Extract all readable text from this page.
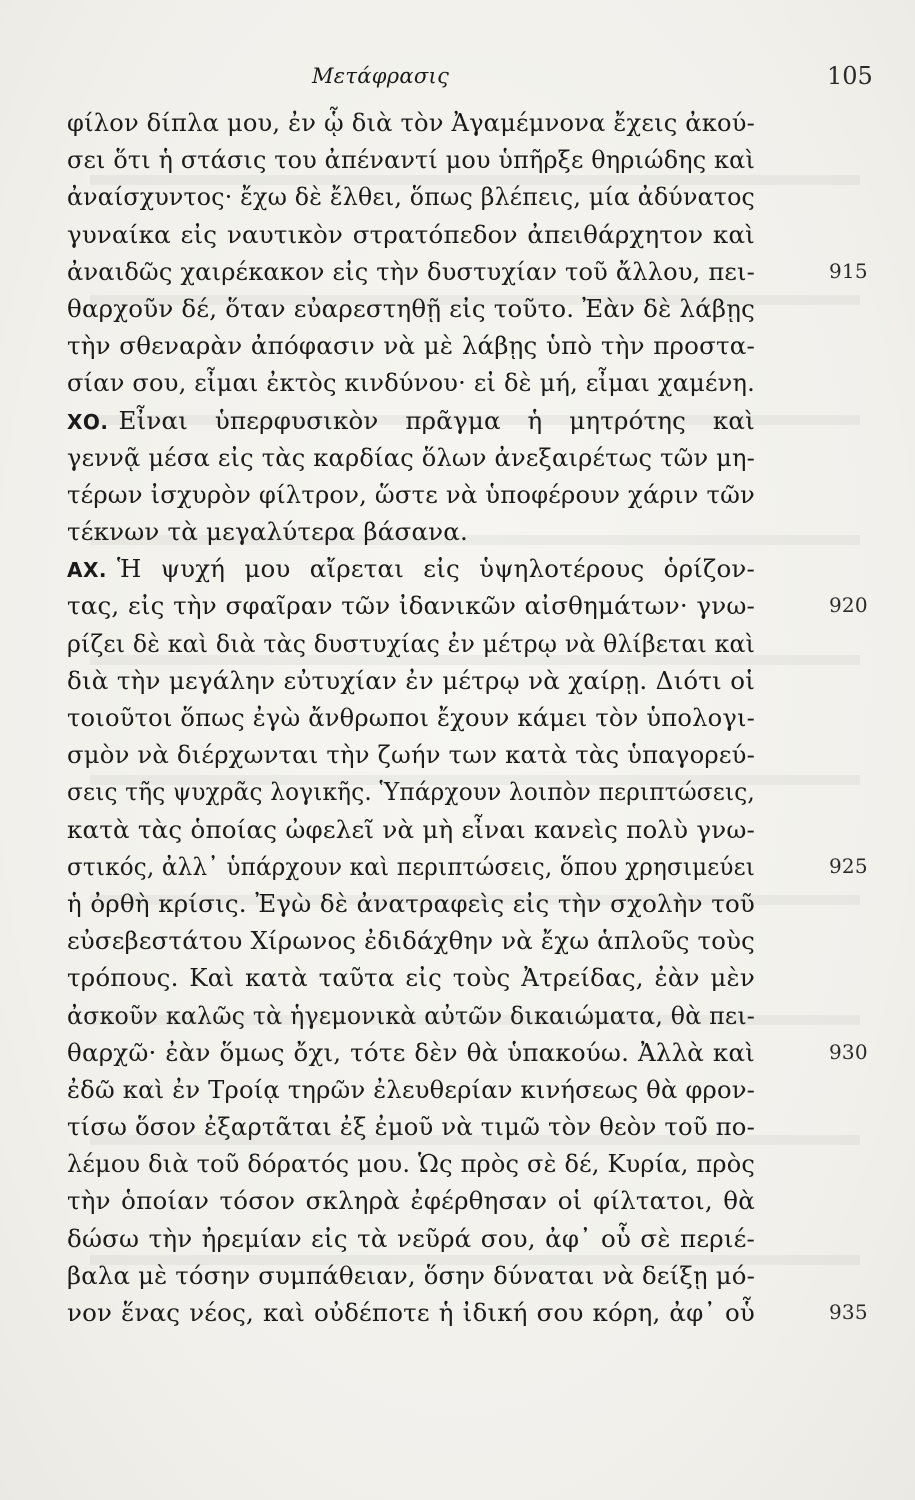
Μετάφρασις	105
φίλον δίπλα μου, ἐν ᾧ διὰ τὸν Ἀγαμέμνονα ἔχεις ἀκού-
σει ὅτι ἡ στάσις του ἀπέναντί μου ὑπῆρξε θηριώδης καὶ
ἀναίσχυντος· ἔχω δὲ ἔλθει, ὅπως βλέπεις, μία ἀδύνατος
γυναίκα εἰς ναυτικὸν στρατόπεδον ἀπειθάρχητον καὶ
ἀναιδῶς χαιρέκακον εἰς τὴν δυστυχίαν τοῦ ἄλλου, πει-	915
θαρχοῦν δέ, ὅταν εὐαρεστηθῇ εἰς τοῦτο. Ἐὰν δὲ λάβῃς
τὴν σθεναρὰν ἀπόφασιν νὰ μὲ λάβῃς ὑπὸ τὴν προστα-
σίαν σου, εἶμαι ἐκτὸς κινδύνου· εἰ δὲ μή, εἶμαι χαμένη.
ΧΟ. Εἶναι ὑπερφυσικὸν πρᾶγμα ἡ μητρότης καὶ
γεννᾷ μέσα εἰς τὰς καρδίας ὅλων ἀνεξαιρέτως τῶν μη-
τέρων ἰσχυρὸν φίλτρον, ὥστε νὰ ὑποφέρουν χάριν τῶν
τέκνων τὰ μεγαλύτερα βάσανα.
ΑΧ. Ἡ ψυχή μου αἴρεται εἰς ὑψηλοτέρους ὁρίζον-
τας, εἰς τὴν σφαῖραν τῶν ἰδανικῶν αἰσθημάτων· γνω-	920
ρίζει δὲ καὶ διὰ τὰς δυστυχίας ἐν μέτρῳ νὰ θλίβεται καὶ
διὰ τὴν μεγάλην εὐτυχίαν ἐν μέτρῳ νὰ χαίρῃ. Διότι οἱ
τοιοῦτοι ὅπως ἐγὼ ἄνθρωποι ἔχουν κάμει τὸν ὑπολογι-
σμὸν νὰ διέρχωνται τὴν ζωήν των κατὰ τὰς ὑπαγορεύ-
σεις τῆς ψυχρᾶς λογικῆς. Ὑπάρχουν λοιπὸν περιπτώσεις,
κατὰ τὰς ὁποίας ὠφελεῖ νὰ μὴ εἶναι κανεὶς πολὺ γνω-
στικός, ἀλλ᾽ ὑπάρχουν καὶ περιπτώσεις, ὅπου χρησιμεύει	925
ἡ ὀρθὴ κρίσις. Ἐγὼ δὲ ἀνατραφεὶς εἰς τὴν σχολὴν τοῦ
εὐσεβεστάτου Χίρωνος ἐδιδάχθην νὰ ἔχω ἁπλοῦς τοὺς
τρόπους. Καὶ κατὰ ταῦτα εἰς τοὺς Ἀτρείδας, ἐὰν μὲν
ἀσκοῦν καλῶς τὰ ἡγεμονικὰ αὐτῶν δικαιώματα, θὰ πει-
θαρχῶ· ἐὰν ὅμως ὄχι, τότε δὲν θὰ ὑπακούω. Ἀλλὰ καὶ	930
ἐδῶ καὶ ἐν Τροίᾳ τηρῶν ἐλευθερίαν κινήσεως θὰ φρον-
τίσω ὅσον ἐξαρτᾶται ἐξ ἐμοῦ νὰ τιμῶ τὸν θεὸν τοῦ πο-
λέμου διὰ τοῦ δόρατός μου. Ὡς πρὸς σὲ δέ, Κυρία, πρὸς
τὴν ὁποίαν τόσον σκληρὰ ἐφέρθησαν οἱ φίλτατοι, θὰ
δώσω τὴν ἠρεμίαν εἰς τὰ νεῦρά σου, ἀφ᾽ οὗ σὲ περιέ-
βαλα μὲ τόσην συμπάθειαν, ὅσην δύναται νὰ δείξῃ μό-
νον ἕνας νέος, καὶ οὐδέποτε ἡ ἰδική σου κόρη, ἀφ᾽ οὗ	935
